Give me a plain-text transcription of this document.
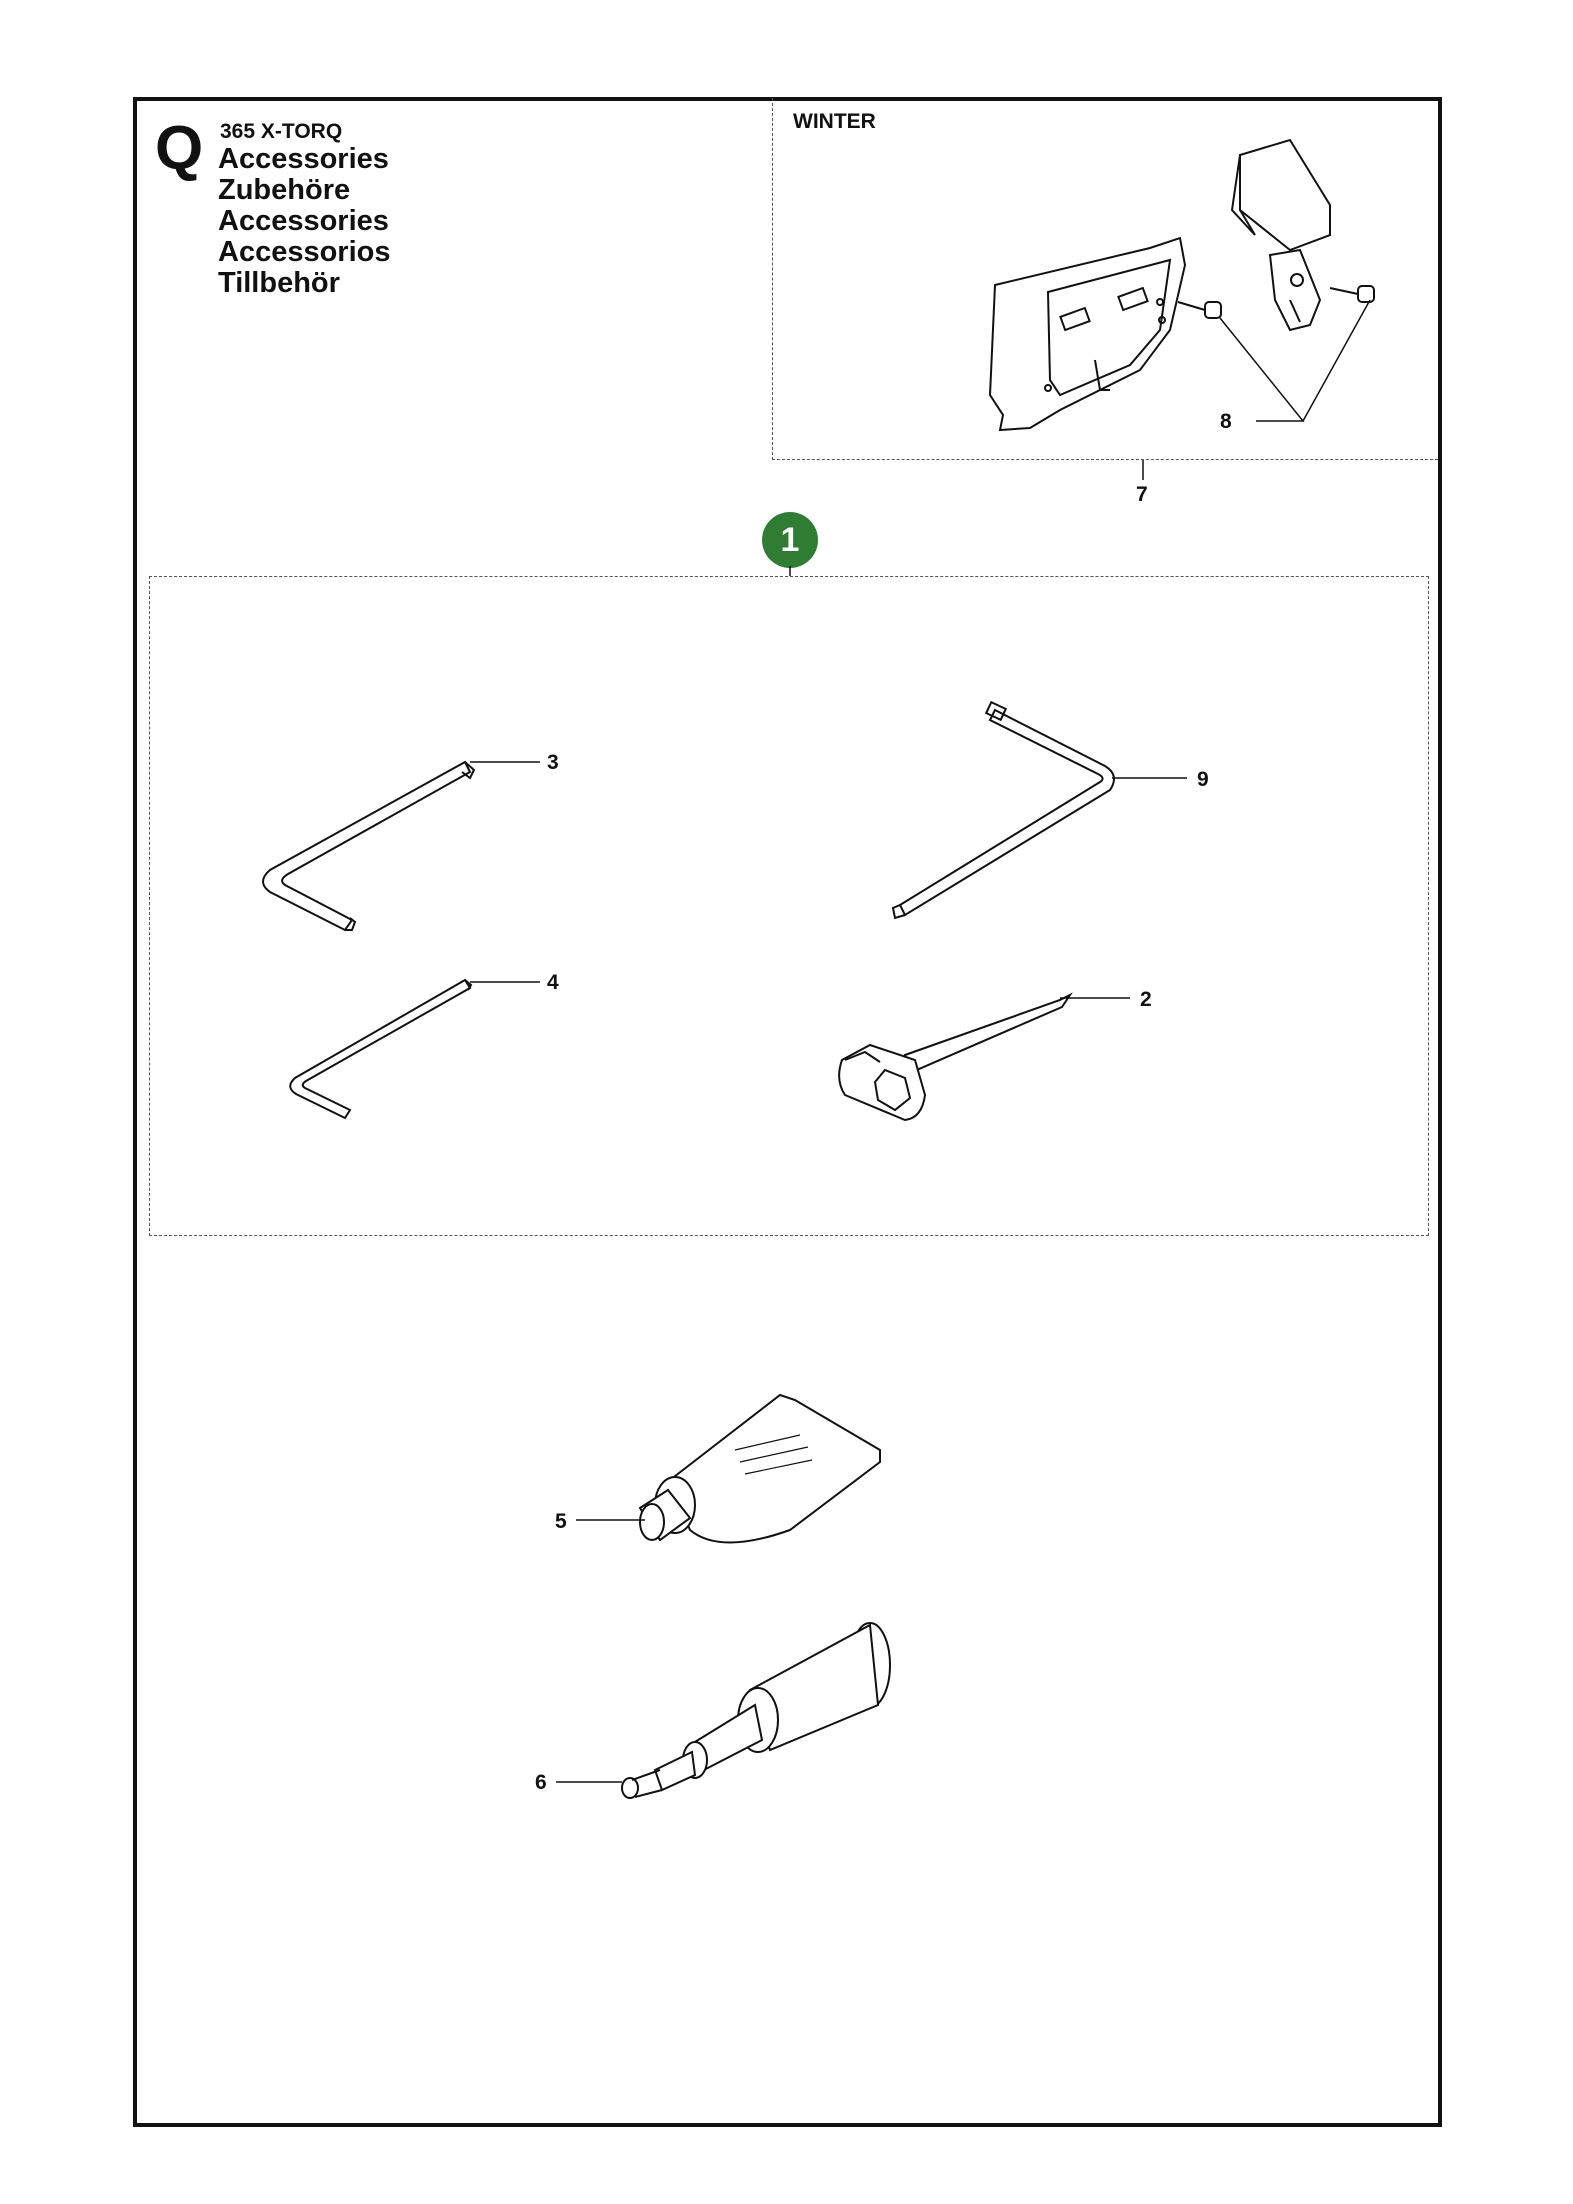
Q 365 X-TORQ
Accessories
Zubehöre
Accessories
Accessorios
Tillbehör
WINTER
1
8
7
3
9
4
2
5
6
